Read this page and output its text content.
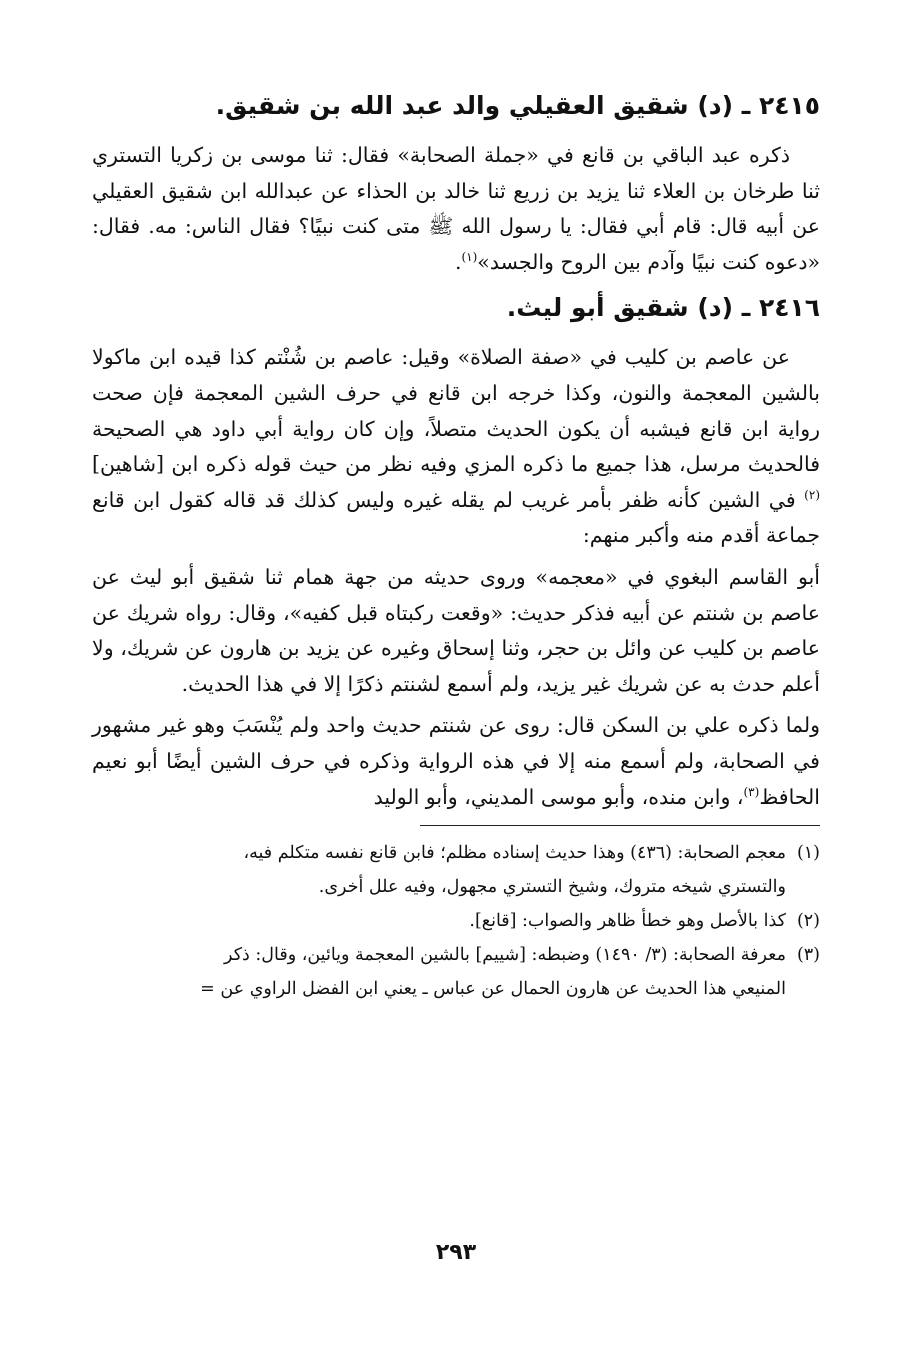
٢٤١٥ ـ (د) شقيق العقيلي والد عبد الله بن شقيق.

ذكره عبد الباقي بن قانع في «جملة الصحابة» فقال: ثنا موسى بن زكريا التستري ثنا طرخان بن العلاء ثنا يزيد بن زريع ثنا خالد بن الحذاء عن عبدالله ابن شقيق العقيلي عن أبيه قال: قام أبي فقال: يا رسول الله ﷺ متى كنت نبيًا؟ فقال الناس: مه. فقال: «دعوه كنت نبيًا وآدم بين الروح والجسد»$^{(١)}$.

٢٤١٦ ـ (د) شقيق أبو ليث.

عن عاصم بن كليب في «صفة الصلاة» وقيل: عاصم بن شُنْتم كذا قيده ابن ماكولا بالشين المعجمة والنون، وكذا خرجه ابن قانع في حرف الشين المعجمة فإن صحت رواية ابن قانع فيشبه أن يكون الحديث متصلاً، وإن كان رواية أبي داود هي الصحيحة فالحديث مرسل، هذا جميع ما ذكره المزي وفيه نظر من حيث قوله ذكره ابن [شاهين]$^{(٢)}$ في الشين كأنه ظفر بأمر غريب لم يقله غيره وليس كذلك قد قاله كقول ابن قانع جماعة أقدم منه وأكبر منهم:

أبو القاسم البغوي في «معجمه» وروى حديثه من جهة همام ثنا شقيق أبو ليث عن عاصم بن شنتم عن أبيه فذكر حديث: «وقعت ركبتاه قبل كفيه»، وقال: رواه شريك عن عاصم بن كليب عن وائل بن حجر، وثنا إسحاق وغيره عن يزيد بن هارون عن شريك، ولا أعلم حدث به عن شريك غير يزيد، ولم أسمع لشنتم ذكرًا إلا في هذا الحديث.

ولما ذكره علي بن السكن قال: روى عن شنتم حديث واحد ولم يُنْسَبَ وهو غير مشهور في الصحابة، ولم أسمع منه إلا في هذه الرواية وذكره في حرف الشين أيضًا أبو نعيم الحافظ$^{(٣)}$، وابن منده، وأبو موسى المديني، وأبو الوليد

(١)
معجم الصحابة: (٤٣٦) وهذا حديث إسناده مظلم؛ فابن قانع نفسه متكلم فيه،
والتستري شيخه متروك، وشيخ التستري مجهول، وفيه علل أخرى.
(٢)
كذا بالأصل وهو خطأ ظاهر والصواب: [قانع].
(٣)
معرفة الصحابة: (٣/ ١٤٩٠) وضبطه: [شييم] بالشين المعجمة ويائين، وقال: ذكر
المنيعي هذا الحديث عن هارون الحمال عن عباس ـ يعني ابن الفضل الراوي عن =
٢٩٣
